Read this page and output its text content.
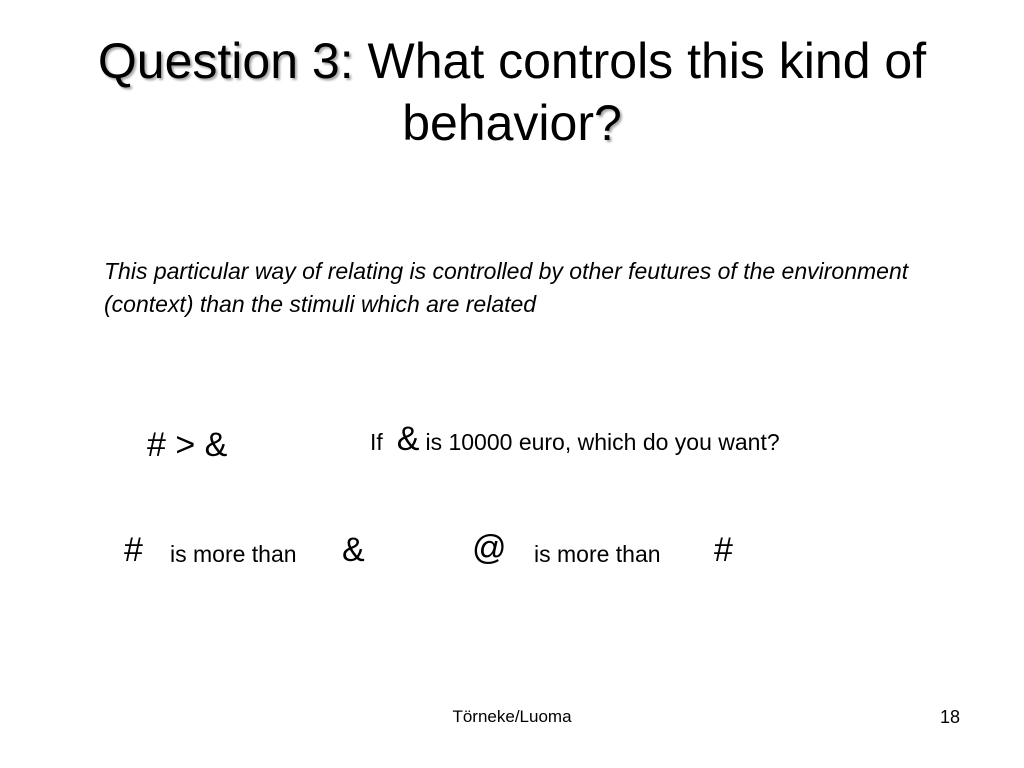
Question 3: What controls this kind of behavior?
This particular way of relating is controlled by other feutures of the environment (context) than the stimuli which are related
# > &	If & is 10000 euro, which do you want?
# is more than &	@ is more than #
Törneke/Luoma	18
